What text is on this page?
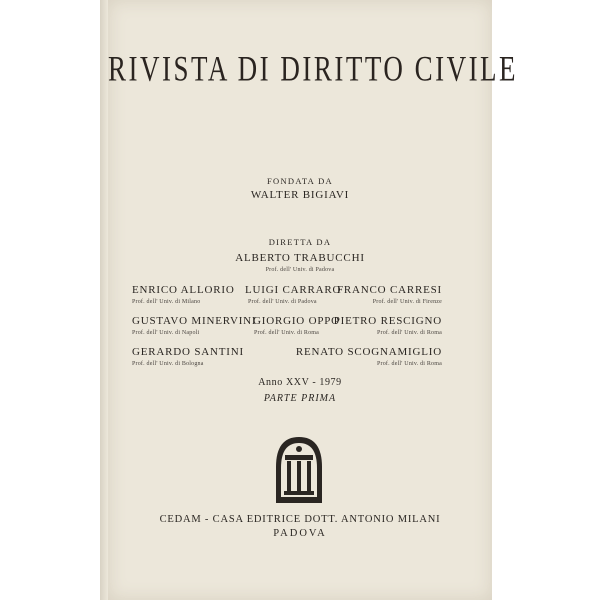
RIVISTA DI DIRITTO CIVILE
FONDATA DA
WALTER BIGIAVI
DIRETTA DA
ALBERTO TRABUCCHI
Prof. dell' Univ. di Padova
ENRICO ALLORIO
Prof. dell' Univ. di Milano
LUIGI CARRARO
Prof. dell' Univ. di Padova
FRANCO CARRESI
Prof. dell' Univ. di Firenze
GUSTAVO MINERVINI
Prof. dell' Univ. di Napoli
GIORGIO OPPO
Prof. dell' Univ. di Roma
PIETRO RESCIGNO
Prof. dell' Univ. di Roma
GERARDO SANTINI
Prof. dell' Univ. di Bologna
RENATO SCOGNAMIGLIO
Prof. dell' Univ. di Roma
Anno XXV - 1979
PARTE PRIMA
CEDAM - CASA EDITRICE DOTT. ANTONIO MILANI
PADOVA
